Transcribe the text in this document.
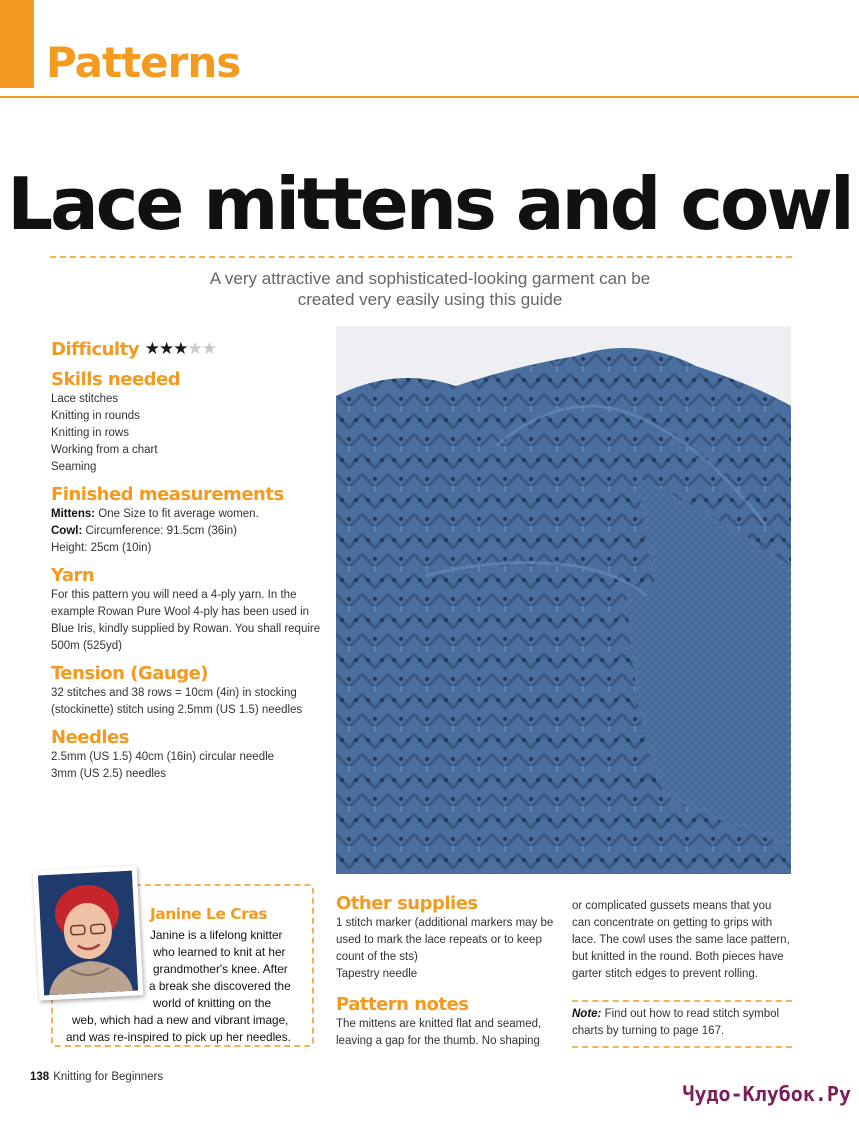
Patterns
Lace mittens and cowl
A very attractive and sophisticated-looking garment can be
created very easily using this guide
Difficulty ★★★★★
Skills needed
Lace stitches
Knitting in rounds
Knitting in rows
Working from a chart
Seaming
Finished measurements

Mittens: One Size to fit average women.

Cowl: Circumference: 91.5cm (36in)

Height: 25cm (10in)

Yarn

For this pattern you will need a 4-ply yarn. In the example Rowan Pure Wool 4-ply has been used in Blue Iris, kindly supplied by Rowan. You shall require 500m (525yd)

Tension (Gauge)

32 stitches and 38 rows = 10cm (4in) in stocking (stockinette) stitch using 2.5mm (US 1.5) needles

Needles

2.5mm (US 1.5) 40cm (16in) circular needle

3mm (US 2.5) needles

Janine Le Cras
Janine is a lifelong knitter
who learned to knit at her
grandmother's knee. After
a break she discovered the
world of knitting on the
web, which had a new and vibrant image,
and was re-inspired to pick up her needles.
Other supplies

1 stitch marker (additional markers may be used to mark the lace repeats or to keep count of the sts)

Tapestry needle

Pattern notes

The mittens are knitted flat and seamed, leaving a gap for the thumb. No shaping

or complicated gussets means that you can concentrate on getting to grips with lace. The cowl uses the same lace pattern, but knitted in the round. Both pieces have garter stitch edges to prevent rolling.

Note: Find out how to read stitch symbol charts by turning to page 167.
138 Knitting for Beginners
Чудо-Клубок.Ру
